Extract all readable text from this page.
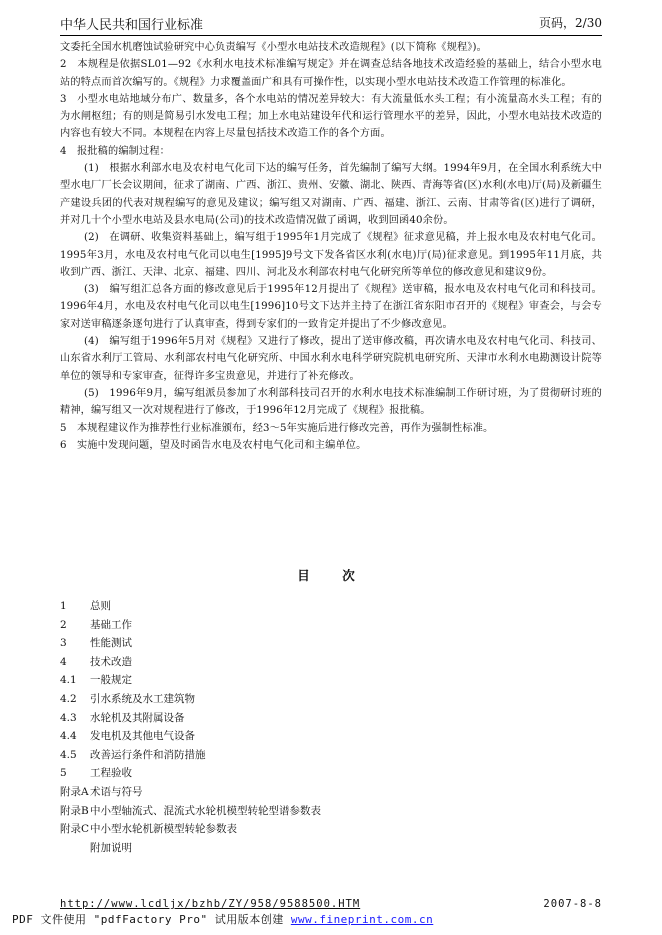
中华人民共和国行业标准	页码，2/30

文委托全国水机磨蚀试验研究中心负责编写《小型水电站技术改造规程》(以下简称《规程》)。

2　本规程是依据SL01—92《水利水电技术标准编写规定》并在调查总结各地技术改造经验的基础上，结合小型水电站的特点而首次编写的。《规程》力求覆盖面广和具有可操作性，以实现小型水电站技术改造工作管理的标准化。

3　小型水电站地域分布广、数量多，各个水电站的情况差异较大：有大流量低水头工程；有小流量高水头工程；有的为水闸枢纽；有的则是简易引水发电工程；加上水电站建设年代和运行管理水平的差异，因此，小型水电站技术改造的内容也有较大不同。本规程在内容上尽量包括技术改造工作的各个方面。

4　报批稿的编制过程：

(1)　根据水利部水电及农村电气化司下达的编写任务，首先编制了编写大纲。1994年9月，在全国水利系统大中型水电厂厂长会议期间，征求了湖南、广西、浙江、贵州、安徽、湖北、陕西、青海等省(区)水利(水电)厅(局)及新疆生产建设兵团的代表对规程编写的意见及建议；编写组又对湖南、广西、福建、浙江、云南、甘肃等省(区)进行了调研，并对几十个小型水电站及县水电局(公司)的技术改造情况做了函调，收到回函40余份。

(2)　在调研、收集资料基础上，编写组于1995年1月完成了《规程》征求意见稿，并上报水电及农村电气化司。1995年3月，水电及农村电气化司以电生[1995]9号文下发各省区水利(水电)厅(局)征求意见。到1995年11月底，共收到广西、浙江、天津、北京、福建、四川、河北及水利部农村电气化研究所等单位的修改意见和建议9份。

(3)　编写组汇总各方面的修改意见后于1995年12月提出了《规程》送审稿，报水电及农村电气化司和科技司。1996年4月，水电及农村电气化司以电生[1996]10号文下达并主持了在浙江省东阳市召开的《规程》审查会，与会专家对送审稿逐条逐句进行了认真审查，得到专家们的一致肯定并提出了不少修改意见。

(4)　编写组于1996年5月对《规程》又进行了修改，提出了送审修改稿，再次请水电及农村电气化司、科技司、山东省水利厅工管局、水利部农村电气化研究所、中国水利水电科学研究院机电研究所、天津市水利水电勘测设计院等单位的领导和专家审查，征得许多宝贵意见，并进行了补充修改。

(5)　1996年9月，编写组派员参加了水利部科技司召开的水利水电技术标准编制工作研讨班，为了贯彻研讨班的精神，编写组又一次对规程进行了修改，于1996年12月完成了《规程》报批稿。

5　本规程建议作为推荐性行业标准颁布，经3～5年实施后进行修改完善，再作为强制性标准。

6　实施中发现问题，望及时函告水电及农村电气化司和主编单位。

目　次
1 总则
2 基础工作
3 性能测试
4 技术改造
4.1 一般规定
4.2 引水系统及水工建筑物
4.3 水轮机及其附属设备
4.4 发电机及其他电气设备
4.5 改善运行条件和消防措施
5 工程验收
附录A术语与符号
附录B中小型轴流式、混流式水轮机模型转轮型谱参数表
附录C中小型水轮机新模型转轮参数表
附加说明
http://www.lcdljx/bzhb/ZY/958/9588500.HTM	2007-8-8
PDF 文件使用 "pdfFactory Pro" 试用版本创建 www.fineprint.com.cn
